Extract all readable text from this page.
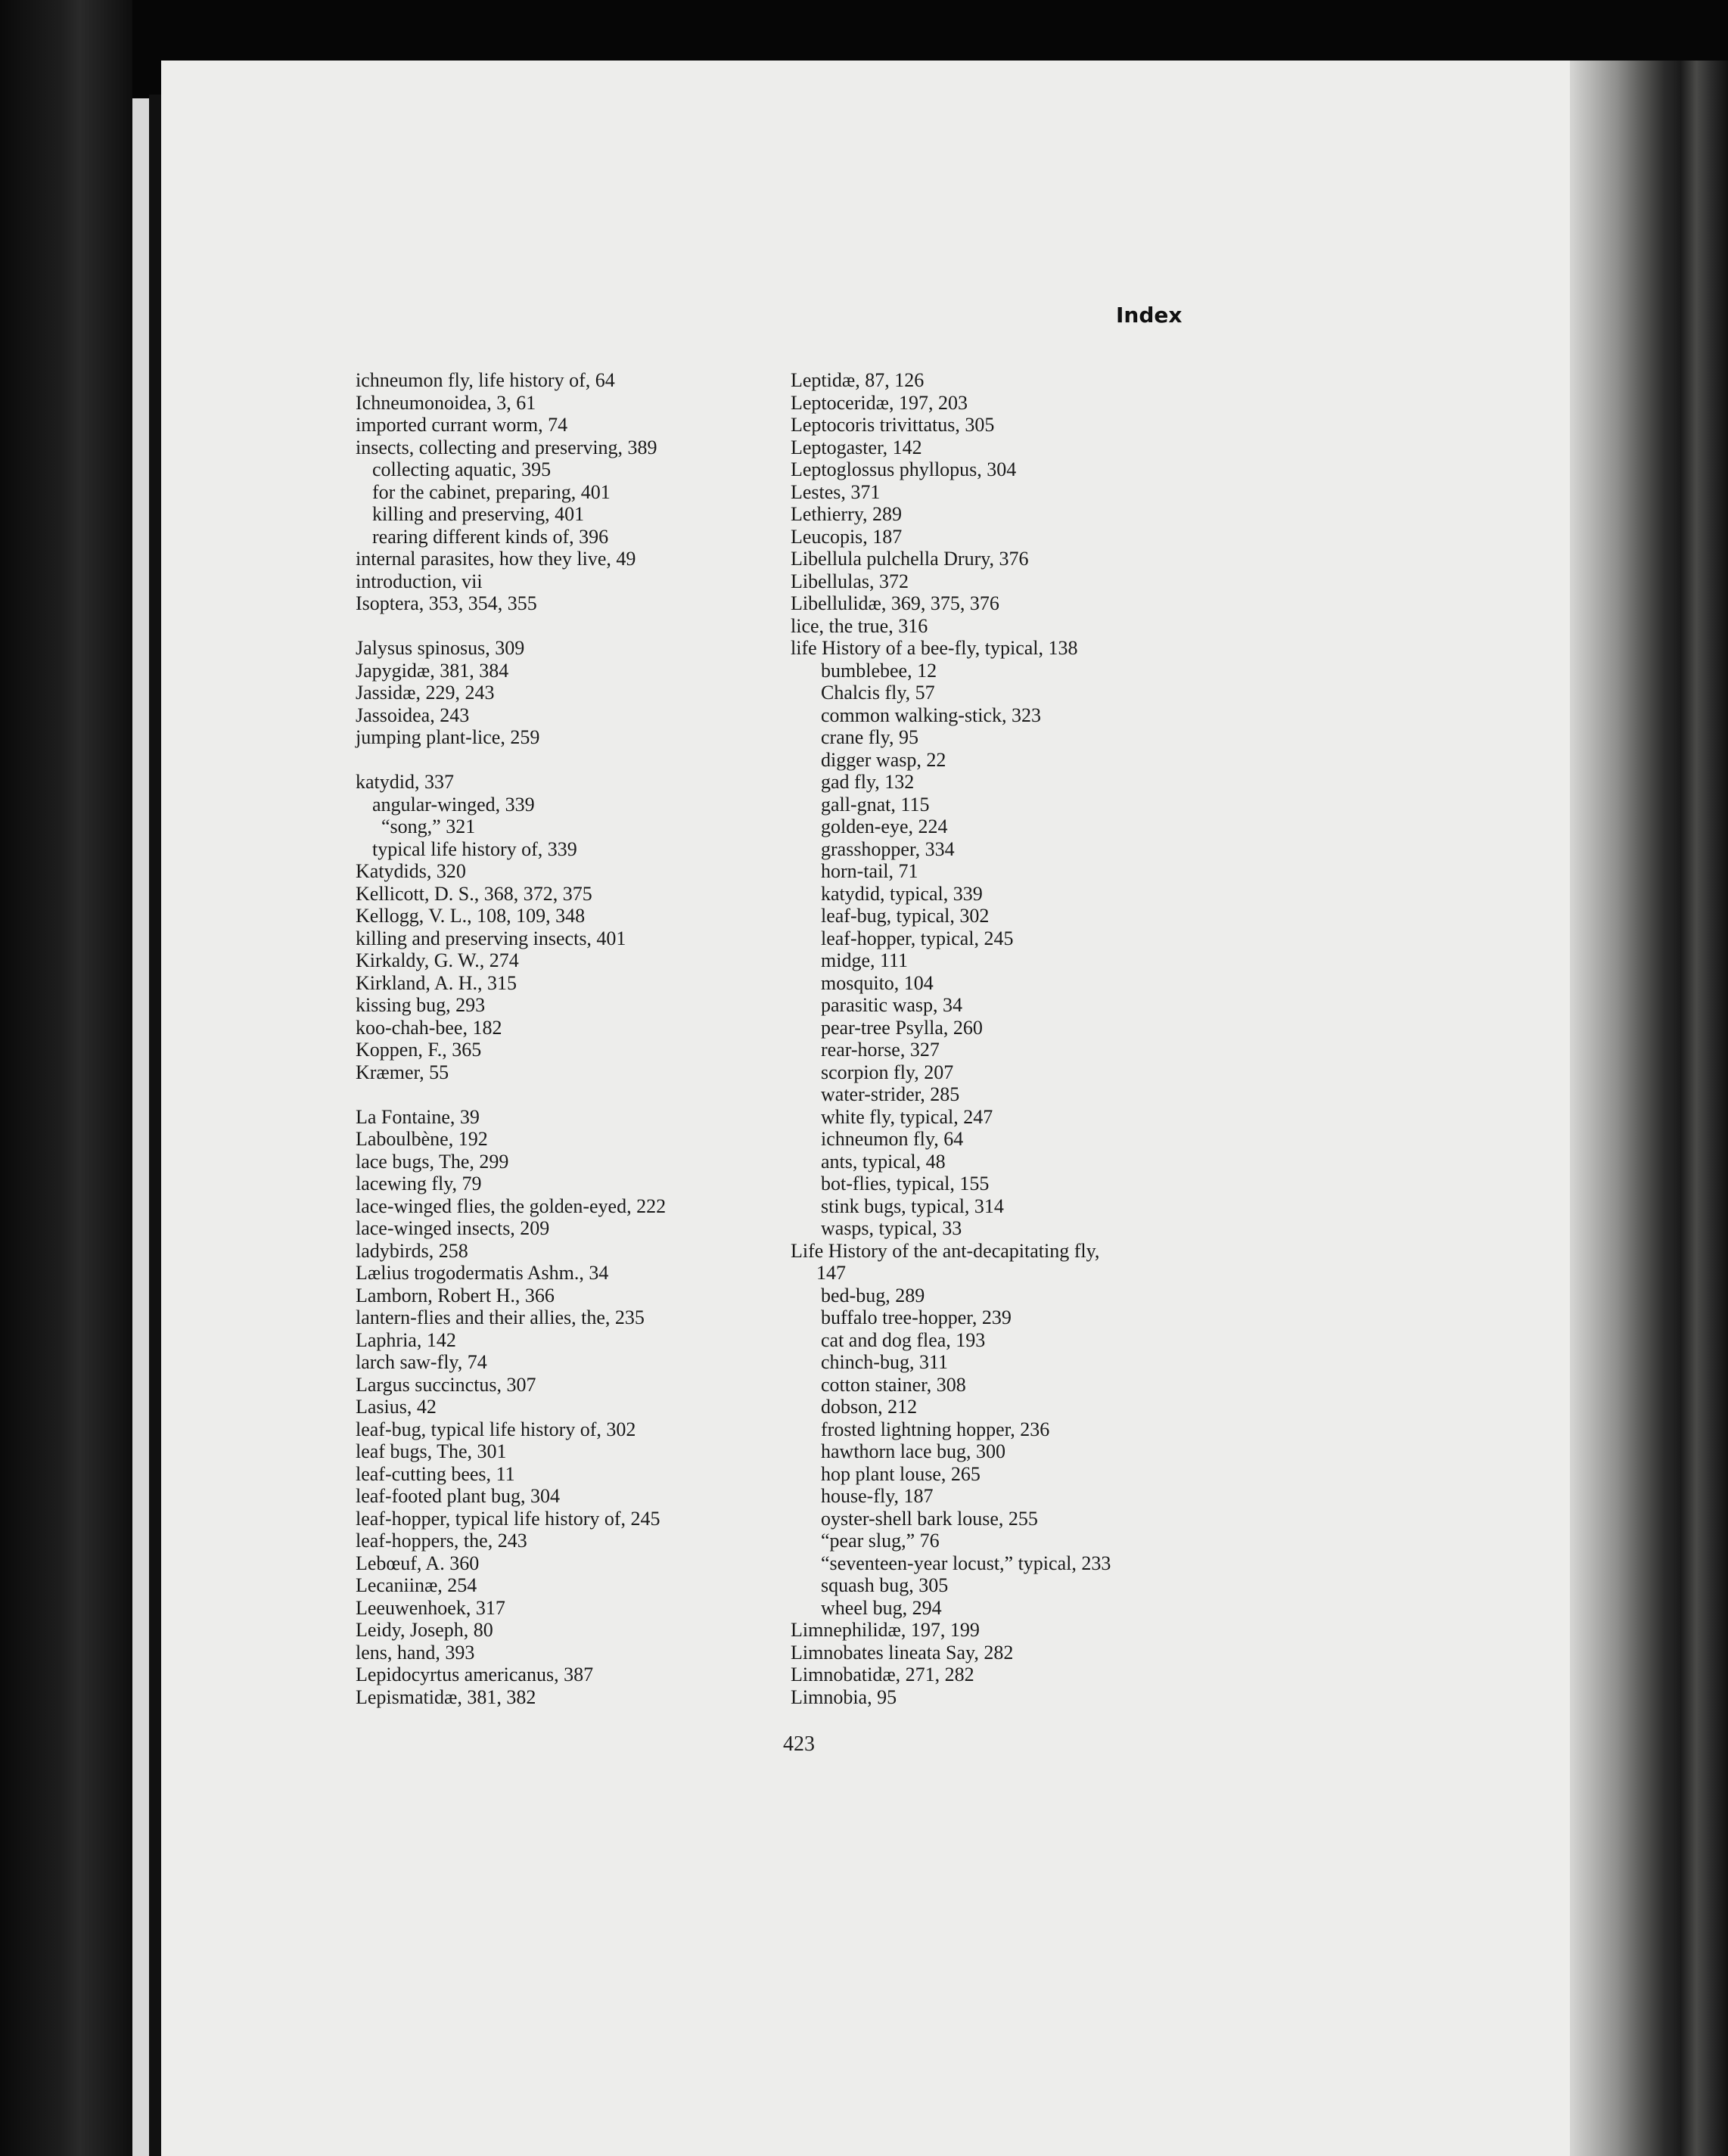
Index
ichneumon fly, life history of, 64
Ichneumonoidea, 3, 61
imported currant worm, 74
insects, collecting and preserving, 389
collecting aquatic, 395
for the cabinet, preparing, 401
killing and preserving, 401
rearing different kinds of, 396
internal parasites, how they live, 49
introduction, vii
Isoptera, 353, 354, 355
Jalysus spinosus, 309
Japygidæ, 381, 384
Jassidæ, 229, 243
Jassoidea, 243
jumping plant-lice, 259
katydid, 337
angular-winged, 339
“song,” 321
typical life history of, 339
Katydids, 320
Kellicott, D. S., 368, 372, 375
Kellogg, V. L., 108, 109, 348
killing and preserving insects, 401
Kirkaldy, G. W., 274
Kirkland, A. H., 315
kissing bug, 293
koo-chah-bee, 182
Koppen, F., 365
Kræmer, 55
La Fontaine, 39
Laboulbène, 192
lace bugs, The, 299
lacewing fly, 79
lace-winged flies, the golden-eyed, 222
lace-winged insects, 209
ladybirds, 258
Lælius trogodermatis Ashm., 34
Lamborn, Robert H., 366
lantern-flies and their allies, the, 235
Laphria, 142
larch saw-fly, 74
Largus succinctus, 307
Lasius, 42
leaf-bug, typical life history of, 302
leaf bugs, The, 301
leaf-cutting bees, 11
leaf-footed plant bug, 304
leaf-hopper, typical life history of, 245
leaf-hoppers, the, 243
Lebœuf, A. 360
Lecaniinæ, 254
Leeuwenhoek, 317
Leidy, Joseph, 80
lens, hand, 393
Lepidocyrtus americanus, 387
Lepismatidæ, 381, 382
Leptidæ, 87, 126
Leptoceridæ, 197, 203
Leptocoris trivittatus, 305
Leptogaster, 142
Leptoglossus phyllopus, 304
Lestes, 371
Lethierry, 289
Leucopis, 187
Libellula pulchella Drury, 376
Libellulas, 372
Libellulidæ, 369, 375, 376
lice, the true, 316
life History of a bee-fly, typical, 138
bumblebee, 12
Chalcis fly, 57
common walking-stick, 323
crane fly, 95
digger wasp, 22
gad fly, 132
gall-gnat, 115
golden-eye, 224
grasshopper, 334
horn-tail, 71
katydid, typical, 339
leaf-bug, typical, 302
leaf-hopper, typical, 245
midge, 111
mosquito, 104
parasitic wasp, 34
pear-tree Psylla, 260
rear-horse, 327
scorpion fly, 207
water-strider, 285
white fly, typical, 247
ichneumon fly, 64
ants, typical, 48
bot-flies, typical, 155
stink bugs, typical, 314
wasps, typical, 33
Life History of the ant-decapitating fly,
147
bed-bug, 289
buffalo tree-hopper, 239
cat and dog flea, 193
chinch-bug, 311
cotton stainer, 308
dobson, 212
frosted lightning hopper, 236
hawthorn lace bug, 300
hop plant louse, 265
house-fly, 187
oyster-shell bark louse, 255
“pear slug,” 76
“seventeen-year locust,” typical, 233
squash bug, 305
wheel bug, 294
Limnephilidæ, 197, 199
Limnobates lineata Say, 282
Limnobatidæ, 271, 282
Limnobia, 95
423
